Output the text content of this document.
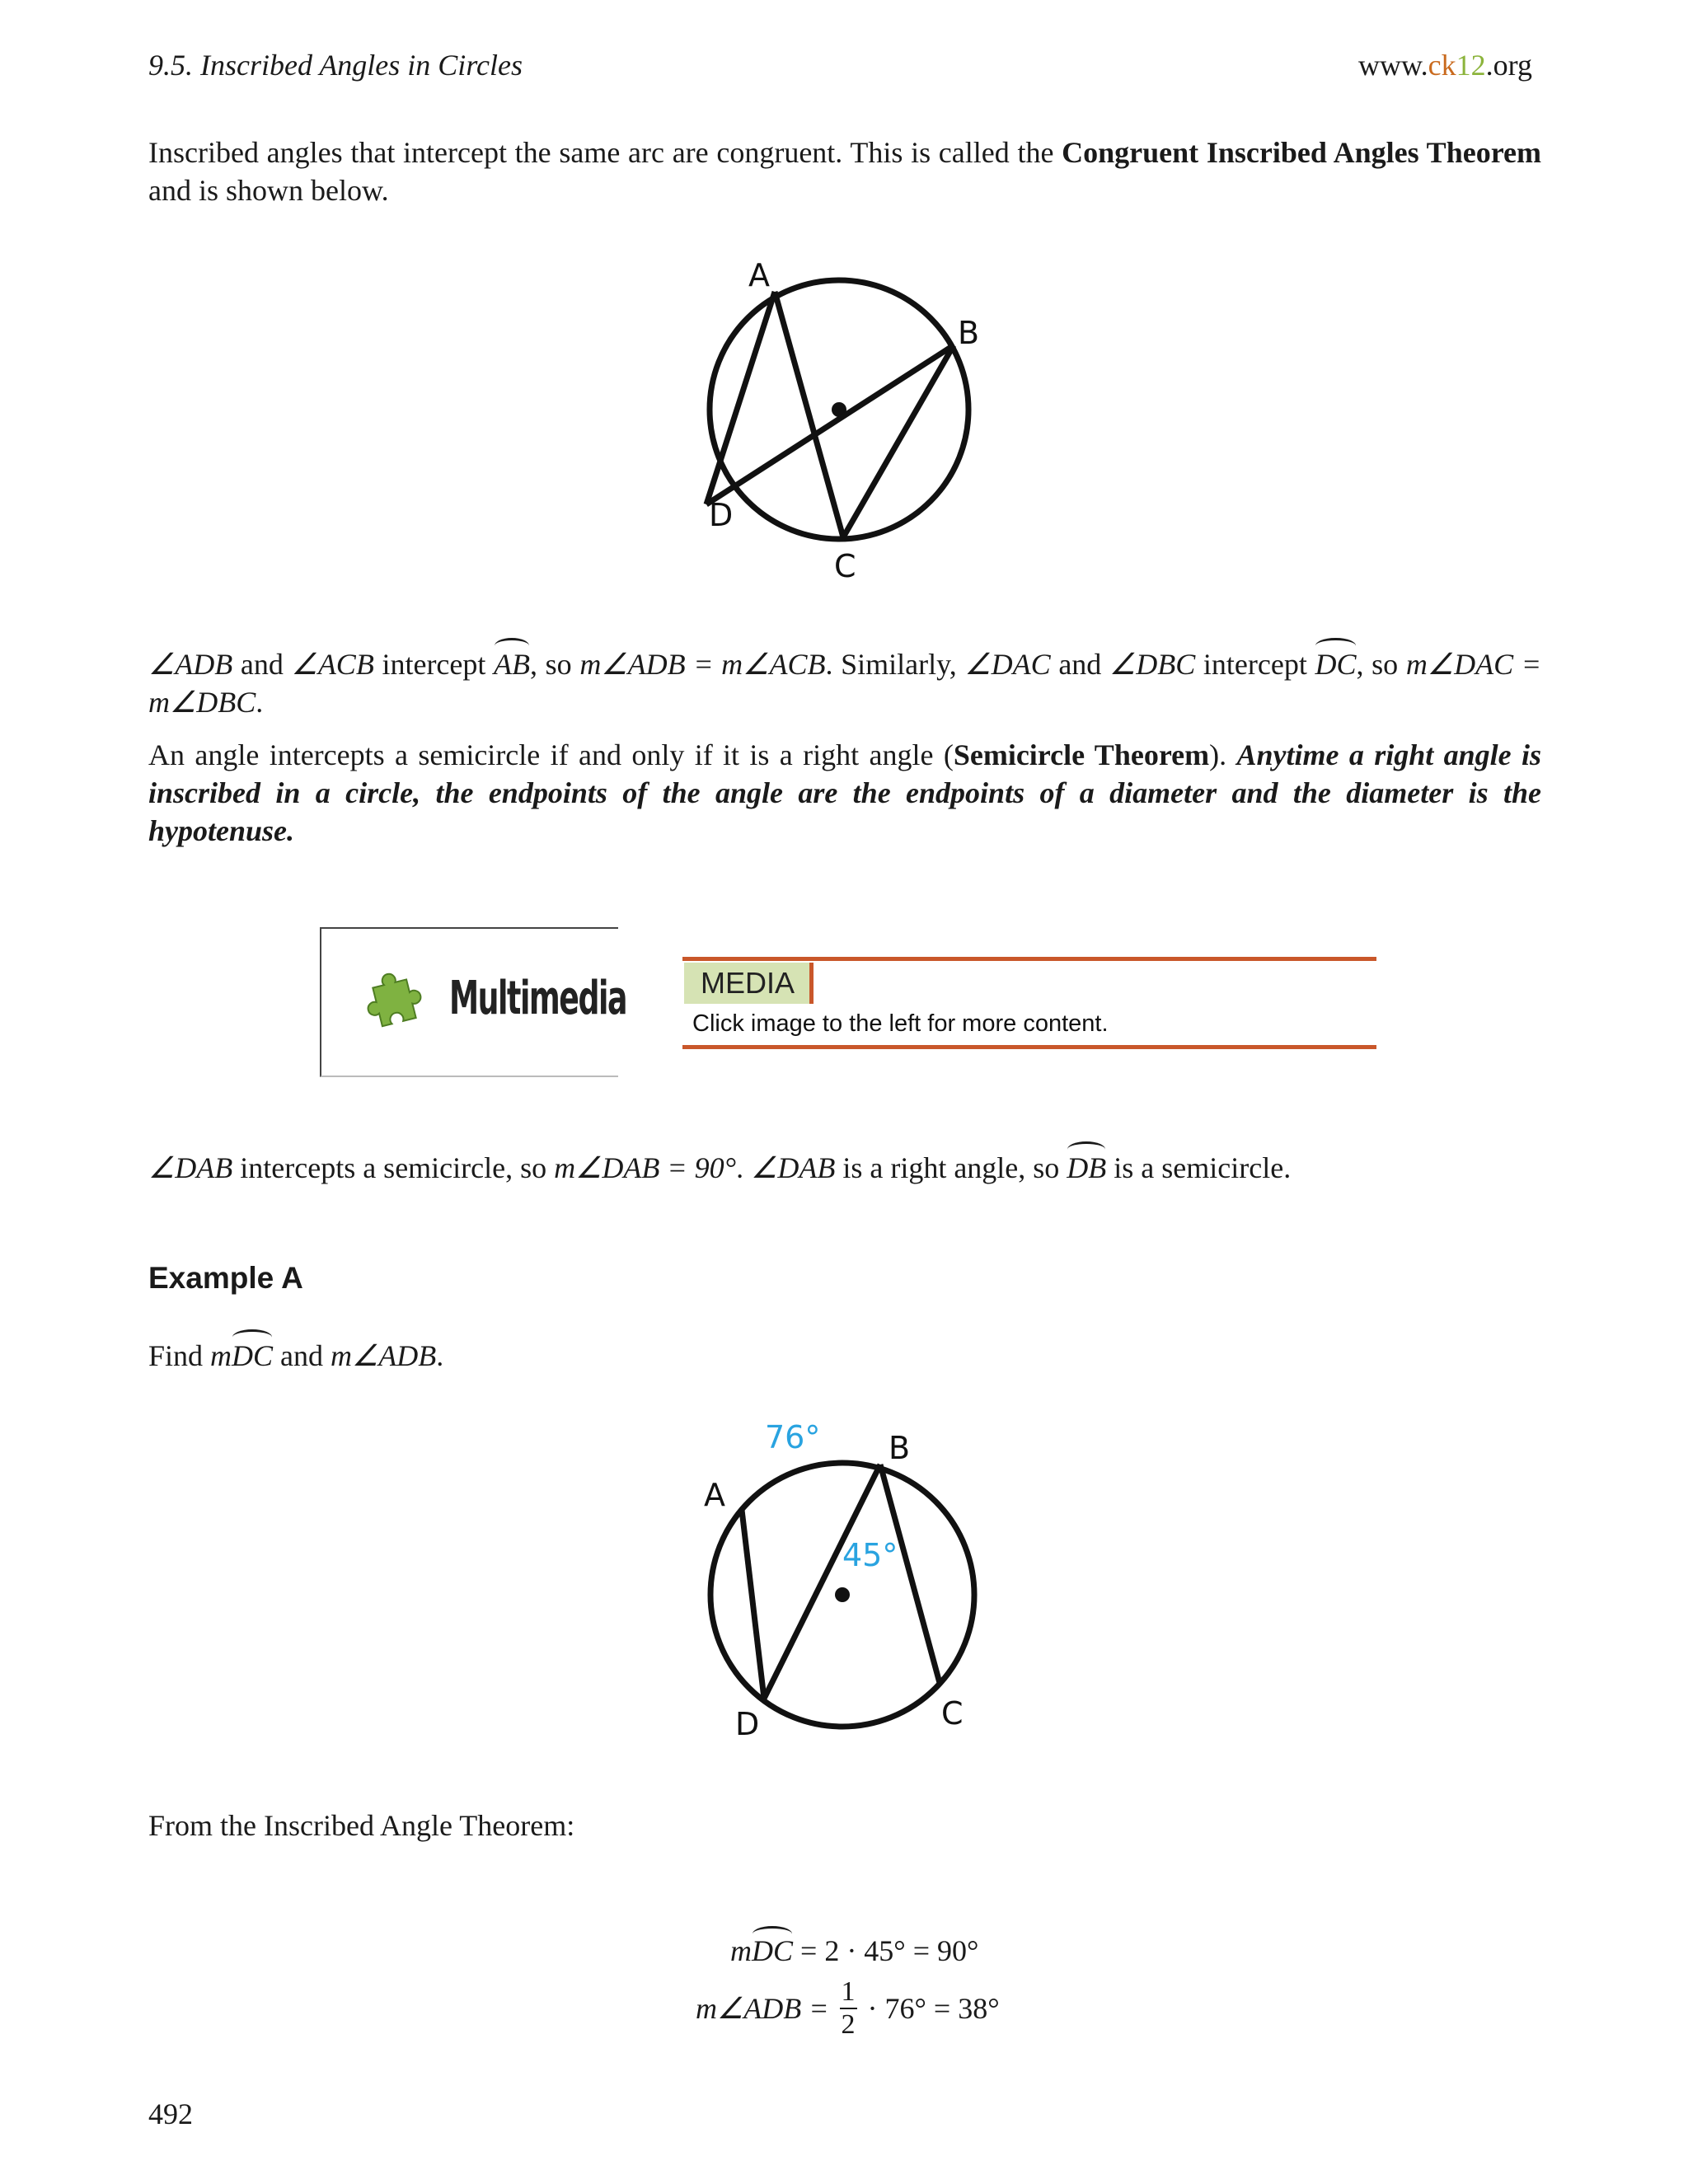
9.5. Inscribed Angles in Circles	www.ck12.org
Inscribed angles that intercept the same arc are congruent. This is called the Congruent Inscribed Angles Theorem and is shown below.
A
B
C
D
∠ADB and ∠ACB intercept AB, so m∠ADB = m∠ACB. Similarly, ∠DAC and ∠DBC intercept DC, so m∠DAC = m∠DBC.
An angle intercepts a semicircle if and only if it is a right angle (Semicircle Theorem). Anytime a right angle is inscribed in a circle, the endpoints of the angle are the endpoints of a diameter and the diameter is the hypotenuse.
Multimedia	MEDIA
Click image to the left for more content.
∠DAB intercepts a semicircle, so m∠DAB = 90°. ∠DAB is a right angle, so DB is a semicircle.
Example A
Find mDC and m∠ADB.
76°
45°
B
A
C
D
From the Inscribed Angle Theorem:
mDC = 2 · 45° = 90°
m∠ADB = $\frac{1}{2} \cdot 76^\circ = 38^\circ$
492
